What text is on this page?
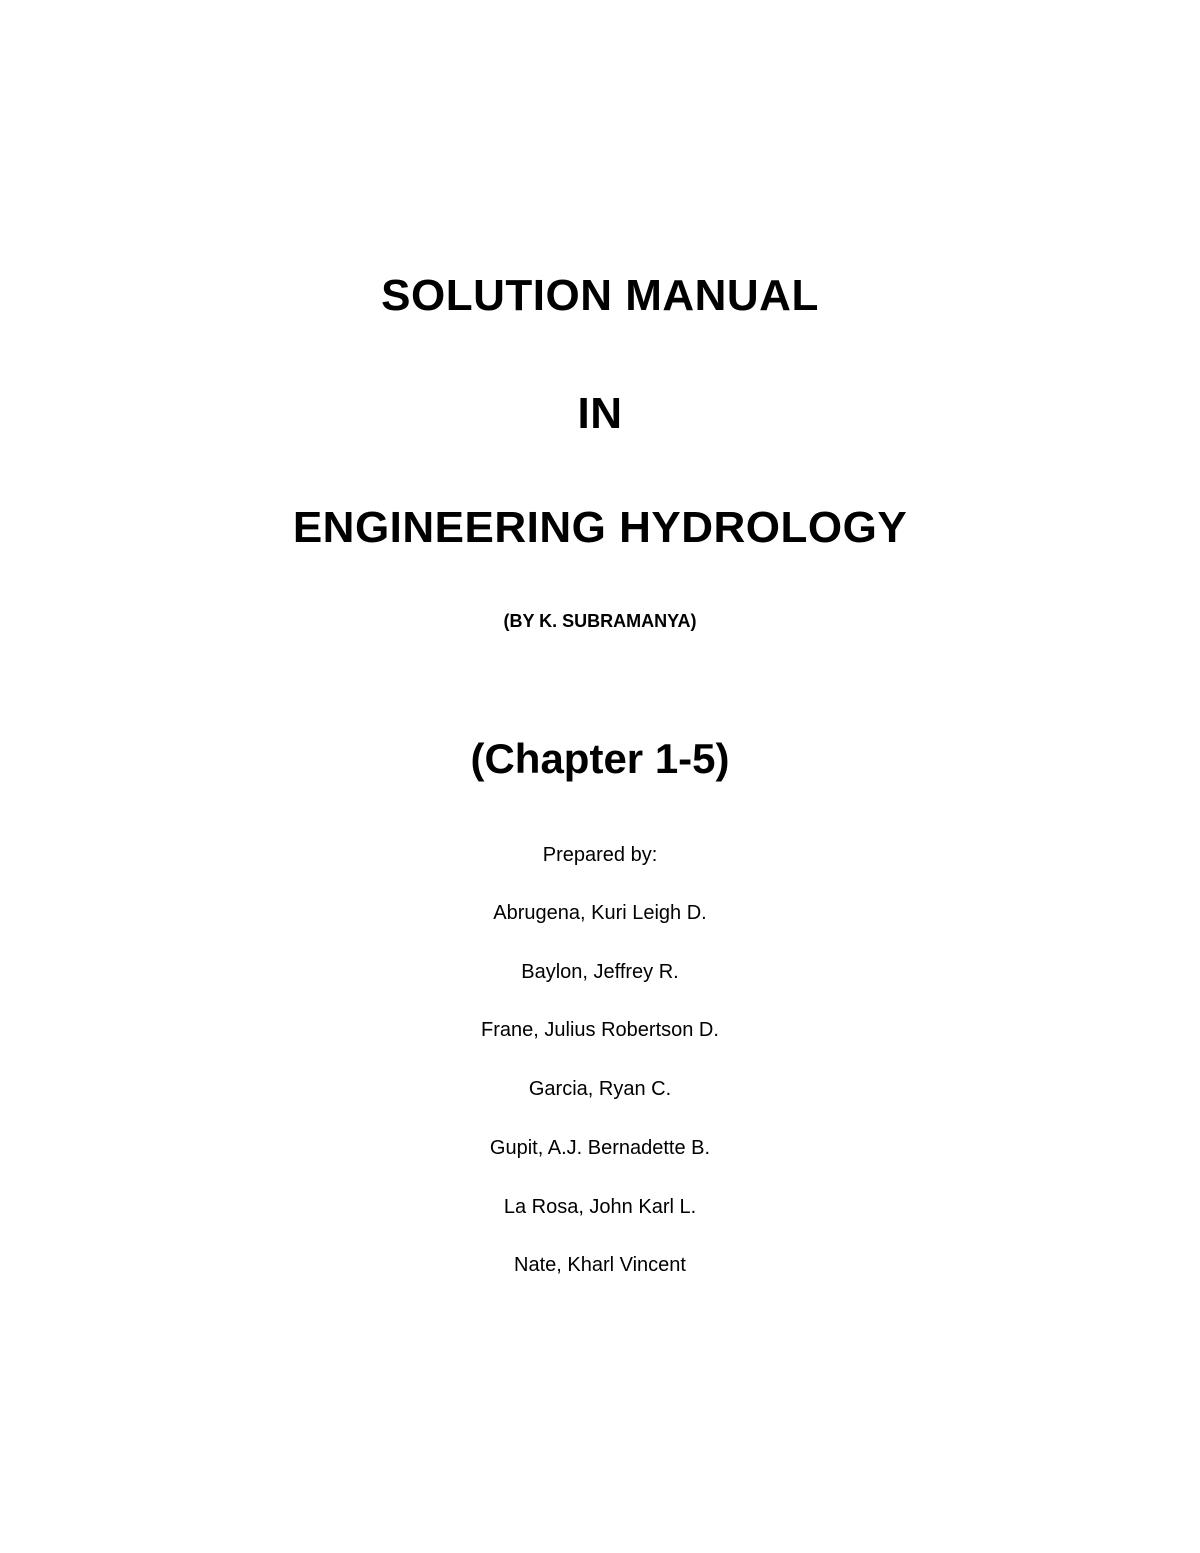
SOLUTION MANUAL
IN
ENGINEERING HYDROLOGY
(BY K. SUBRAMANYA)
(Chapter 1-5)
Prepared by:
Abrugena, Kuri Leigh D.
Baylon, Jeffrey R.
Frane, Julius Robertson D.
Garcia, Ryan C.
Gupit, A.J. Bernadette B.
La Rosa, John Karl L.
Nate, Kharl Vincent
